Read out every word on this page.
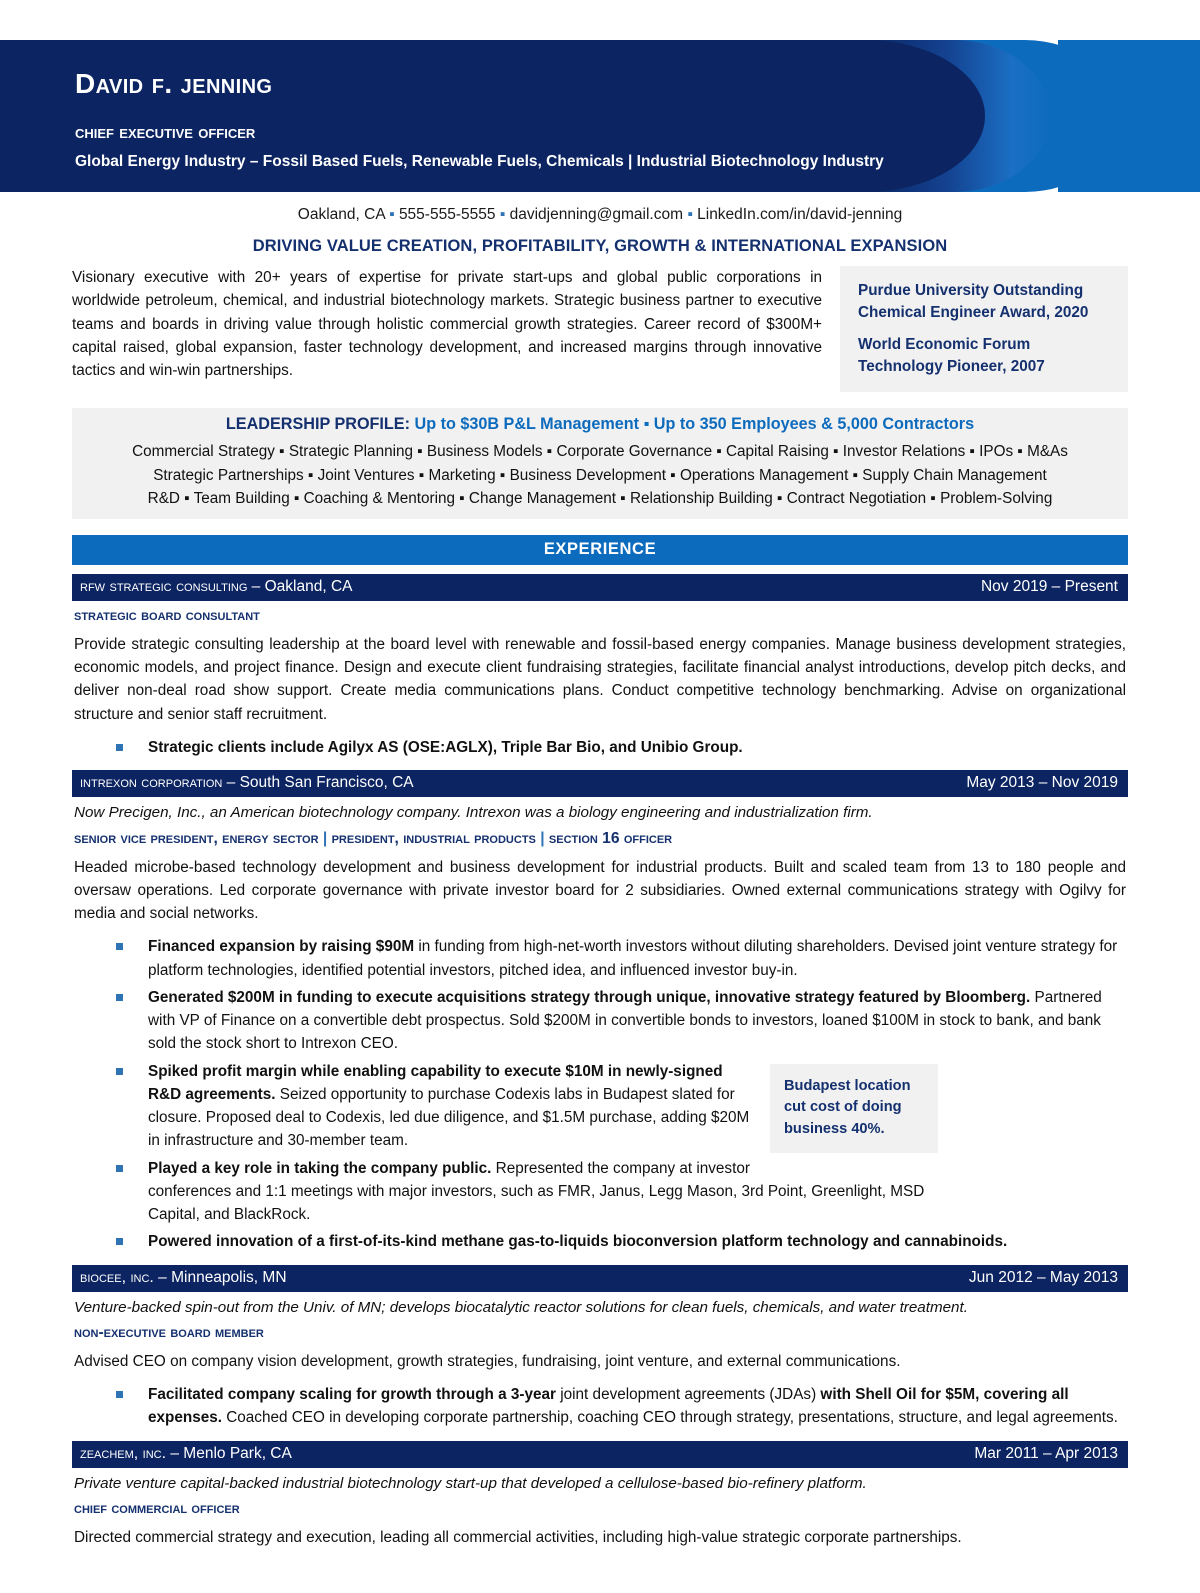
David f. jenning
chief executive officer
Global Energy Industry – Fossil Based Fuels, Renewable Fuels, Chemicals | Industrial Biotechnology Industry
Oakland, CA ▪ 555-555-5555 ▪ davidjenning@gmail.com ▪ LinkedIn.com/in/david-jenning
DRIVING VALUE CREATION, PROFITABILITY, GROWTH & INTERNATIONAL EXPANSION
Visionary executive with 20+ years of expertise for private start-ups and global public corporations in worldwide petroleum, chemical, and industrial biotechnology markets. Strategic business partner to executive teams and boards in driving value through holistic commercial growth strategies. Career record of $300M+ capital raised, global expansion, faster technology development, and increased margins through innovative tactics and win-win partnerships.
Purdue University Outstanding Chemical Engineer Award, 2020
World Economic Forum Technology Pioneer, 2007
LEADERSHIP PROFILE: Up to $30B P&L Management ▪ Up to 350 Employees & 5,000 Contractors
Commercial Strategy ▪ Strategic Planning ▪ Business Models ▪ Corporate Governance ▪ Capital Raising ▪ Investor Relations ▪ IPOs ▪ M&As
Strategic Partnerships ▪ Joint Ventures ▪ Marketing ▪ Business Development ▪ Operations Management ▪ Supply Chain Management
R&D ▪ Team Building ▪ Coaching & Mentoring ▪ Change Management ▪ Relationship Building ▪ Contract Negotiation ▪ Problem-Solving
EXPERIENCE
rfw strategic consulting – Oakland, CA	Nov 2019 – Present
strategic board consultant
Provide strategic consulting leadership at the board level with renewable and fossil-based energy companies. Manage business development strategies, economic models, and project finance. Design and execute client fundraising strategies, facilitate financial analyst introductions, develop pitch decks, and deliver non-deal road show support. Create media communications plans. Conduct competitive technology benchmarking. Advise on organizational structure and senior staff recruitment.
Strategic clients include Agilyx AS (OSE:AGLX), Triple Bar Bio, and Unibio Group.
intrexon corporation – South San Francisco, CA	May 2013 – Nov 2019
Now Precigen, Inc., an American biotechnology company. Intrexon was a biology engineering and industrialization firm.
senior vice president, energy sector | president, industrial products | section 16 officer
Headed microbe-based technology development and business development for industrial products. Built and scaled team from 13 to 180 people and oversaw operations. Led corporate governance with private investor board for 2 subsidiaries. Owned external communications strategy with Ogilvy for media and social networks.
Financed expansion by raising $90M in funding from high-net-worth investors without diluting shareholders. Devised joint venture strategy for platform technologies, identified potential investors, pitched idea, and influenced investor buy-in.
Generated $200M in funding to execute acquisitions strategy through unique, innovative strategy featured by Bloomberg. Partnered with VP of Finance on a convertible debt prospectus. Sold $200M in convertible bonds to investors, loaned $100M in stock to bank, and bank sold the stock short to Intrexon CEO.
Budapest location cut cost of doing business 40%.
Spiked profit margin while enabling capability to execute $10M in newly-signed R&D agreements. Seized opportunity to purchase Codexis labs in Budapest slated for closure. Proposed deal to Codexis, led due diligence, and $1.5M purchase, adding $20M in infrastructure and 30-member team.
Played a key role in taking the company public. Represented the company at investor conferences and 1:1 meetings with major investors, such as FMR, Janus, Legg Mason, 3rd Point, Greenlight, MSD Capital, and BlackRock.
Powered innovation of a first-of-its-kind methane gas-to-liquids bioconversion platform technology and cannabinoids.
biocee, inc. – Minneapolis, MN	Jun 2012 – May 2013
Venture-backed spin-out from the Univ. of MN; develops biocatalytic reactor solutions for clean fuels, chemicals, and water treatment.
non-executive board member
Advised CEO on company vision development, growth strategies, fundraising, joint venture, and external communications.
Facilitated company scaling for growth through a 3-year joint development agreements (JDAs) with Shell Oil for $5M, covering all expenses. Coached CEO in developing corporate partnership, coaching CEO through strategy, presentations, structure, and legal agreements.
zeachem, inc. – Menlo Park, CA	Mar 2011 – Apr 2013
Private venture capital-backed industrial biotechnology start-up that developed a cellulose-based bio-refinery platform.
chief commercial officer
Directed commercial strategy and execution, leading all commercial activities, including high-value strategic corporate partnerships.
